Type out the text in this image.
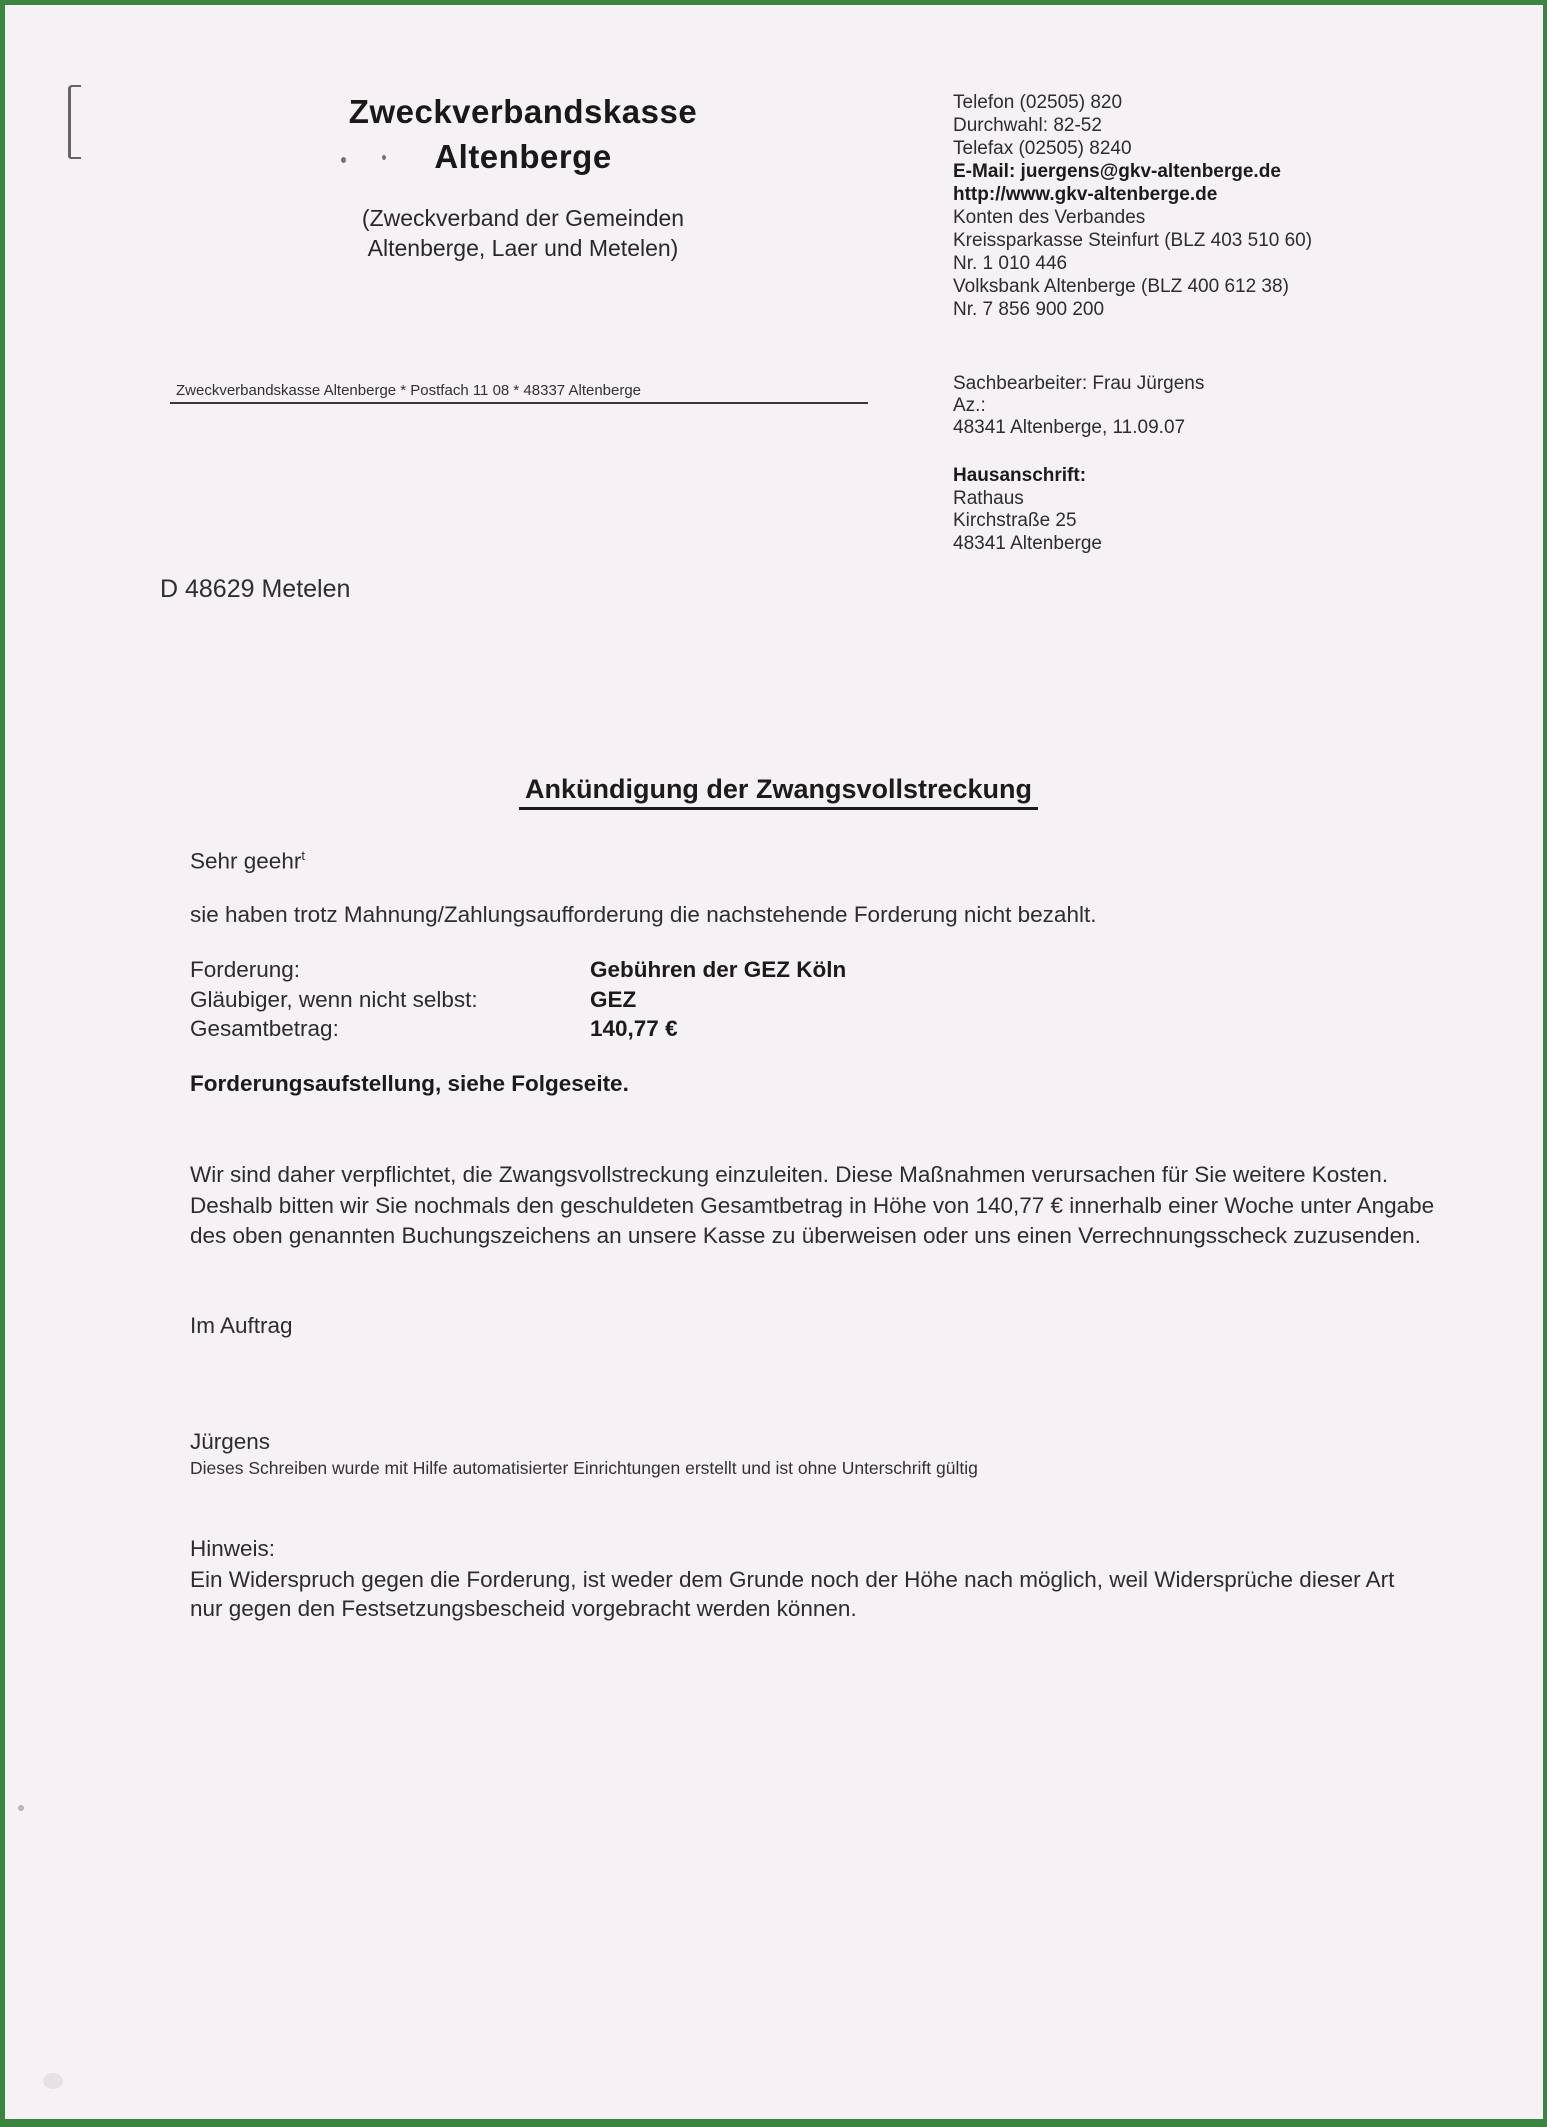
Zweckverbandskasse
Altenberge
(Zweckverband der Gemeinden
Altenberge, Laer und Metelen)
Telefon (02505) 820
Durchwahl: 82-52
Telefax (02505) 8240
E-Mail: juergens@gkv-altenberge.de
http://www.gkv-altenberge.de
Konten des Verbandes
Kreissparkasse Steinfurt (BLZ 403 510 60)
Nr. 1 010 446
Volksbank Altenberge (BLZ 400 612 38)
Nr. 7 856 900 200
Sachbearbeiter: Frau Jürgens
Az.:
48341 Altenberge, 11.09.07
Hausanschrift:
Rathaus
Kirchstraße 25
48341 Altenberge
Zweckverbandskasse Altenberge * Postfach 11 08 * 48337 Altenberge
D 48629 Metelen
Ankündigung der Zwangsvollstreckung
Sehr geehr$^t$
sie haben trotz Mahnung/Zahlungsaufforderung die nachstehende Forderung nicht bezahlt.
Forderung:	Gebühren der GEZ Köln
Gläubiger, wenn nicht selbst:	GEZ
Gesamtbetrag:	140,77 €
Forderungsaufstellung, siehe Folgeseite.
Wir sind daher verpflichtet, die Zwangsvollstreckung einzuleiten. Diese Maßnahmen verursachen für Sie weitere Kosten. Deshalb bitten wir Sie nochmals den geschuldeten Gesamtbetrag in Höhe von 140,77 € innerhalb einer Woche unter Angabe des oben genannten Buchungszeichens an unsere Kasse zu überweisen oder uns einen Verrechnungsscheck zuzusenden.
Im Auftrag
Jürgens
Dieses Schreiben wurde mit Hilfe automatisierter Einrichtungen erstellt und ist ohne Unterschrift gültig
Hinweis:
Ein Widerspruch gegen die Forderung, ist weder dem Grunde noch der Höhe nach möglich, weil Widersprüche dieser Art nur gegen den Festsetzungsbescheid vorgebracht werden können.
